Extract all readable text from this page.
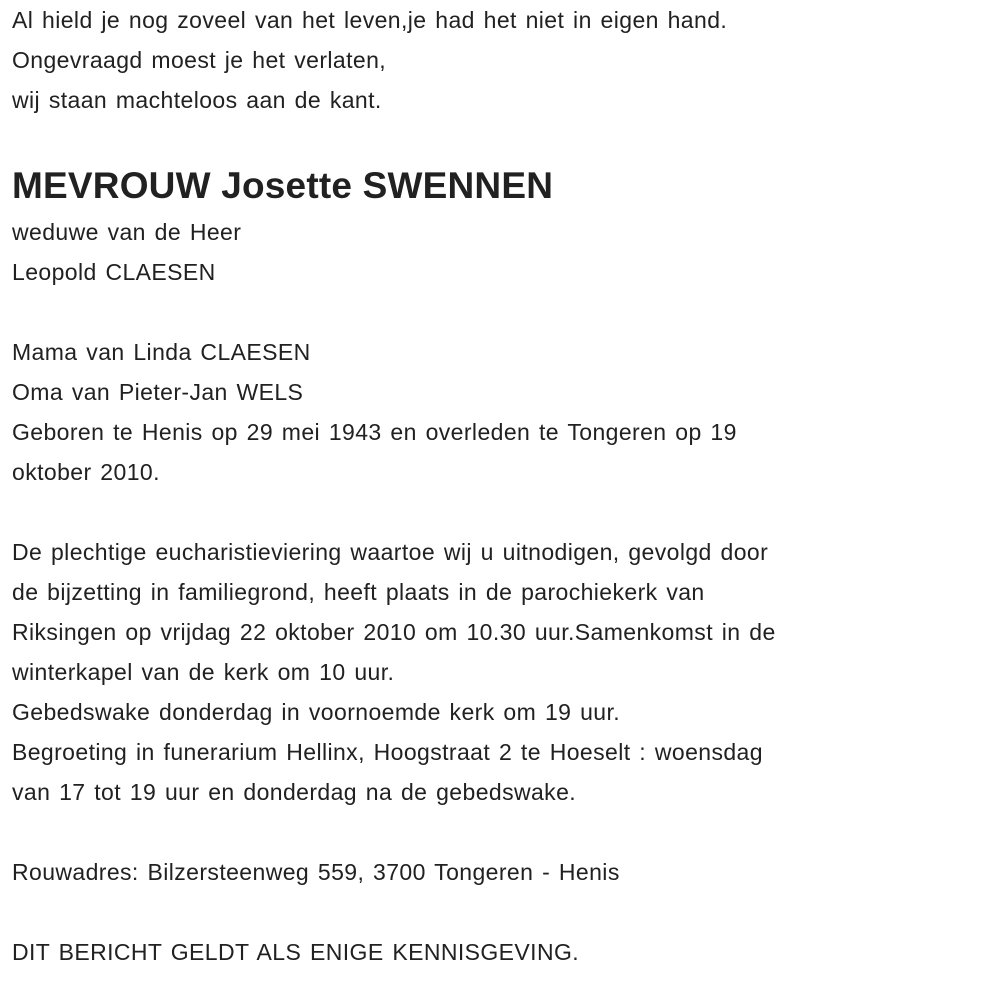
Al hield je nog zoveel van het leven,je had het niet in eigen hand.

Ongevraagd moest je het verlaten,

wij staan machteloos aan de kant.

MEVROUW Josette SWENNEN

weduwe van de Heer

Leopold CLAESEN

Mama van Linda CLAESEN

Oma van Pieter-Jan WELS

Geboren te Henis op 29 mei 1943 en overleden te Tongeren op 19

oktober 2010.

De plechtige eucharistieviering waartoe wij u uitnodigen, gevolgd door

de bijzetting in familiegrond, heeft plaats in de parochiekerk van

Riksingen op vrijdag 22 oktober 2010 om 10.30 uur.Samenkomst in de

winterkapel van de kerk om 10 uur.

Gebedswake donderdag in voornoemde kerk om 19 uur.

Begroeting in funerarium Hellinx, Hoogstraat 2 te Hoeselt : woensdag

van 17 tot 19 uur en donderdag na de gebedswake.

Rouwadres: Bilzersteenweg 559, 3700 Tongeren - Henis

DIT BERICHT GELDT ALS ENIGE KENNISGEVING.
